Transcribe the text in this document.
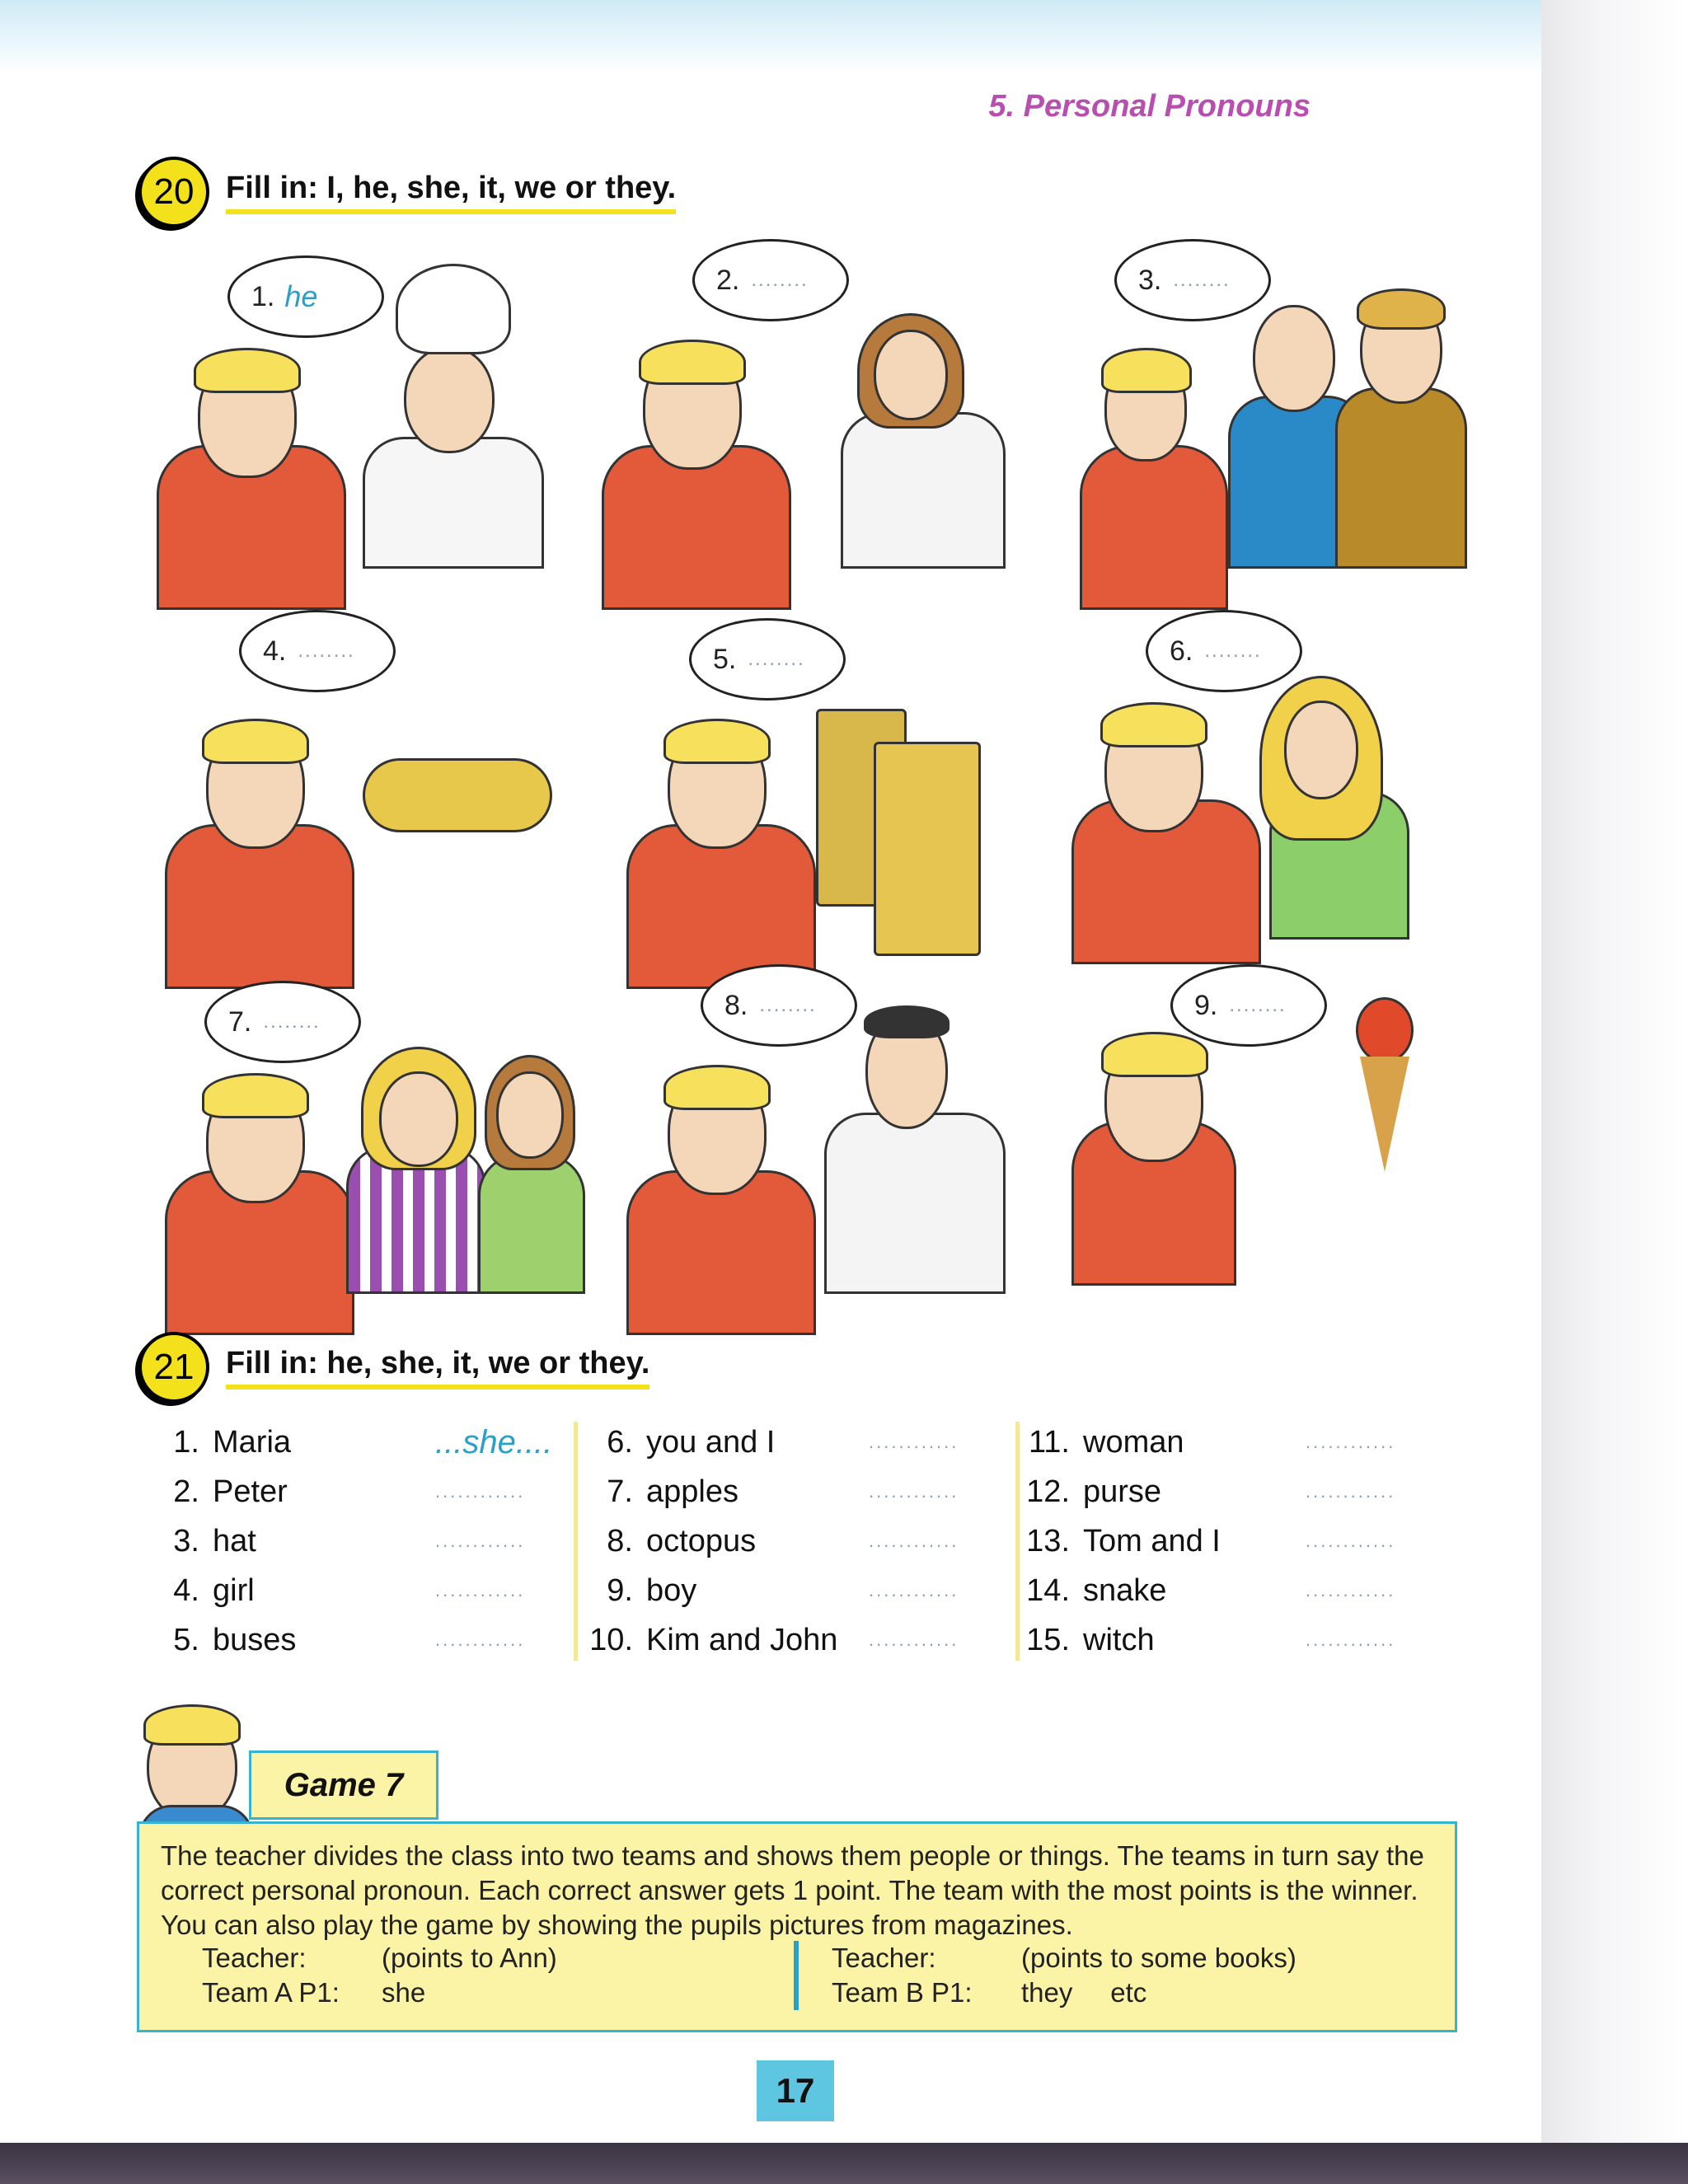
5. Personal Pronouns
20	Fill in: I, he, she, it, we or they.
1. he	2. ........	3. ........
4. ........	5. ........	6. ........
7. ........
8. ........	9. ........
21	Fill in: he, she, it, we or they.
1. Maria	...she....
2. Peter	............
3. hat	............
4. girl	............
5. buses	............
6. you and I	............
7. apples	............
8. octopus	............
9. boy	............
10. Kim and John	............
11. woman	............
12. purse	............
13. Tom and I	............
14. snake	............
15. witch	............
Game 7
The teacher divides the class into two teams and shows them people or things. The teams in turn say the correct personal pronoun. Each correct answer gets 1 point. The team with the most points is the winner. You can also play the game by showing the pupils pictures from magazines.
Teacher:	(points to Ann)
Team A P1: she
Teacher:	(points to some books)
Team B P1: they     etc
17
